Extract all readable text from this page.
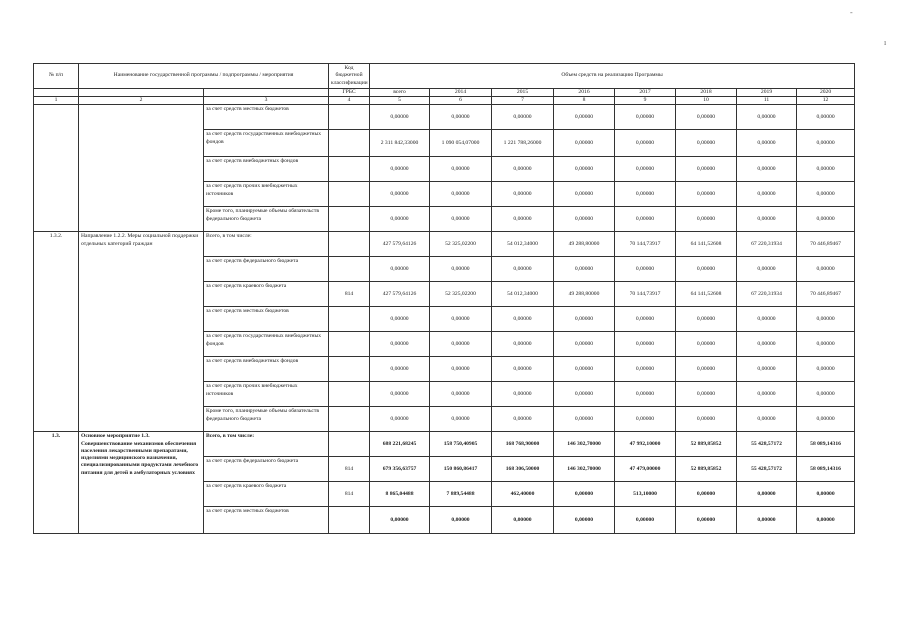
-
ı
№ п/п	Наименование государственной программы / подпрограммы / мероприятия		Код бюджетной классификации	Объем средств на реализацию Программы							
			ГРБС	всего	2014	2015	2016	2017	2018	2019	2020
1	2	3	4	5	6	7	8	9	10	11	12
		за счет средств местных бюджетов		0,00000	0,00000	0,00000	0,00000	0,00000	0,00000	0,00000	0,00000
		за счет средств государственных внебюджетных фондов		2 311 842,33000	1 090 054,07000	1 221 788,26000	0,00000	0,00000	0,00000	0,00000	0,00000
		за счет средств внебюджетных фондов		0,00000	0,00000	0,00000	0,00000	0,00000	0,00000	0,00000	0,00000
		за счет средств прочих внебюджетных источников		0,00000	0,00000	0,00000	0,00000	0,00000	0,00000	0,00000	0,00000
		Кроме того, планируемые объемы обязательств федерального бюджета		0,00000	0,00000	0,00000	0,00000	0,00000	0,00000	0,00000	0,00000
1.3.2.	Направление 1.2.2. Меры социальной поддержки отдельных категорий граждан	Всего, в том числе:		427 579,64126	52 325,02200	54 012,34000	49 288,80000	70 144,73917	64 141,52608	67 220,31934	70 446,89467
		за счет средств федерального бюджета		0,00000	0,00000	0,00000	0,00000	0,00000	0,00000	0,00000	0,00000
		за счет средств краевого бюджета	814	427 579,64126	52 325,02200	54 012,34000	49 288,80000	70 144,73917	64 141,52608	67 220,31934	70 446,89467
		за счет средств местных бюджетов		0,00000	0,00000	0,00000	0,00000	0,00000	0,00000	0,00000	0,00000
		за счет средств государственных внебюджетных фондов		0,00000	0,00000	0,00000	0,00000	0,00000	0,00000	0,00000	0,00000
		за счет средств внебюджетных фондов		0,00000	0,00000	0,00000	0,00000	0,00000	0,00000	0,00000	0,00000
		за счет средств прочих внебюджетных источников		0,00000	0,00000	0,00000	0,00000	0,00000	0,00000	0,00000	0,00000
		Кроме того, планируемые объемы обязательств федерального бюджета		0,00000	0,00000	0,00000	0,00000	0,00000	0,00000	0,00000	0,00000
1.3.	Основное мероприятие 1.3. Совершенствование механизмов обеспечения населения лекарственными препаратами, изделиями медицинского назначения, специализированными продуктами лечебного питания для детей в амбулаторных условиях	Всего, в том числе:		688 221,68245	158 750,40905	168 768,90000	146 302,70000	47 992,10000	52 889,85852	55 428,57172	58 089,14316
		за счет средств федерального бюджета	814	679 356,63757	150 860,86417	168 306,50000	146 302,70000	47 479,00000	52 889,85852	55 428,57172	58 089,14316
		за счет средств краевого бюджета	814	8 865,04488	7 889,54488	462,40000	0,00000	513,10000	0,00000	0,00000	0,00000
		за счет средств местных бюджетов		0,00000	0,00000	0,00000	0,00000	0,00000	0,00000	0,00000	0,00000
